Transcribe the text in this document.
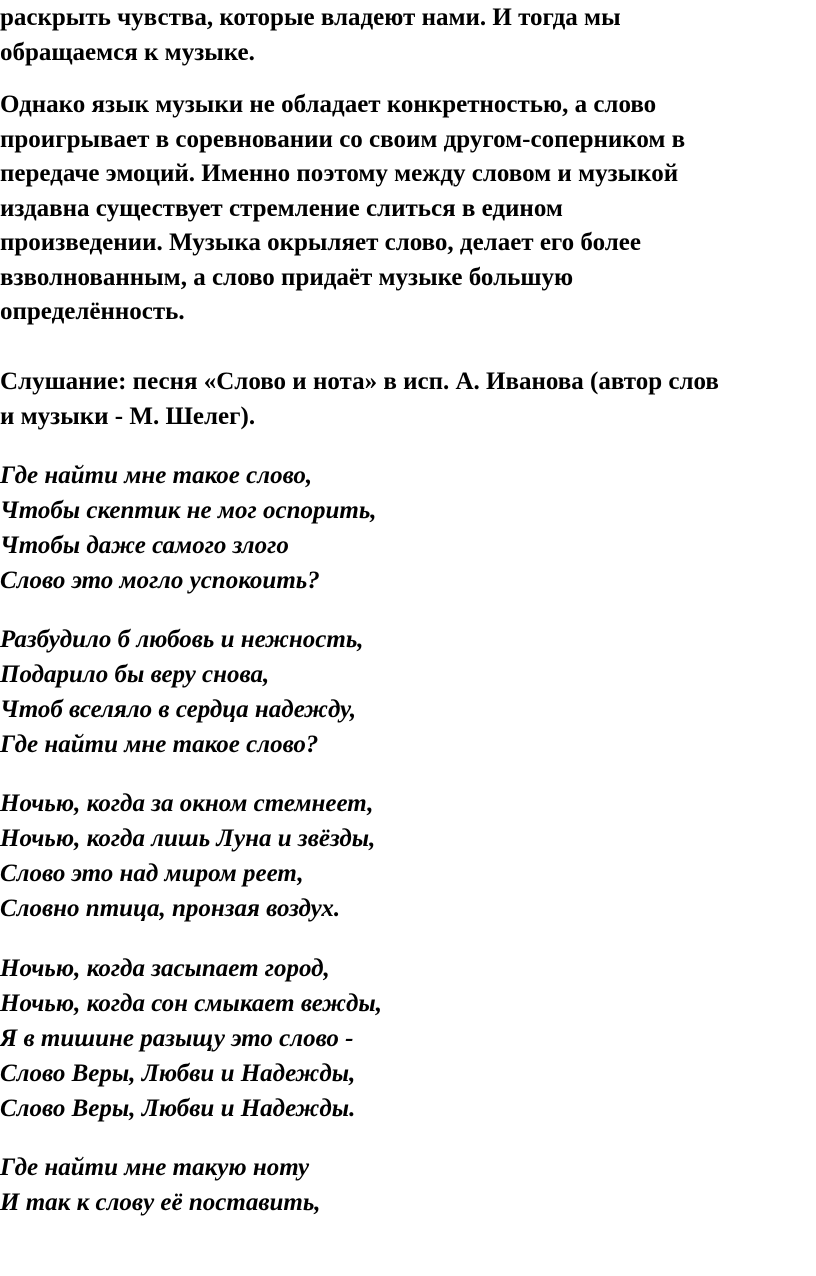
раскрыть чувства, которые владеют нами. И тогда мы
обращаемся к музыке.

Однако язык музыки не обладает конкретностью, а слово
проигрывает в соревновании со своим другом-соперником в
передаче эмоций. Именно поэтому между словом и музыкой
издавна существует стремление слиться в едином
произведении. Музыка окрыляет слово, делает его более
взволнованным, а слово придаёт музыке большую
определённость.

Слушание: песня «Слово и нота» в исп. А. Иванова (автор слов
и музыки - М. Шелег).

Где найти мне такое слово,
Чтобы скептик не мог оспорить,
Чтобы даже самого злого
Слово это могло успокоить?
Разбудило б любовь и нежность,
Подарило бы веру снова,
Чтоб вселяло в сердца надежду,
Где найти мне такое слово?
Ночью, когда за окном стемнеет,
Ночью, когда лишь Луна и звёзды,
Слово это над миром реет,
Словно птица, пронзая воздух.
Ночью, когда засыпает город,
Ночью, когда сон смыкает вежды,
Я в тишине разыщу это слово -
Слово Веры, Любви и Надежды,
Слово Веры, Любви и Надежды.
Где найти мне такую ноту
И так к слову её поставить,
